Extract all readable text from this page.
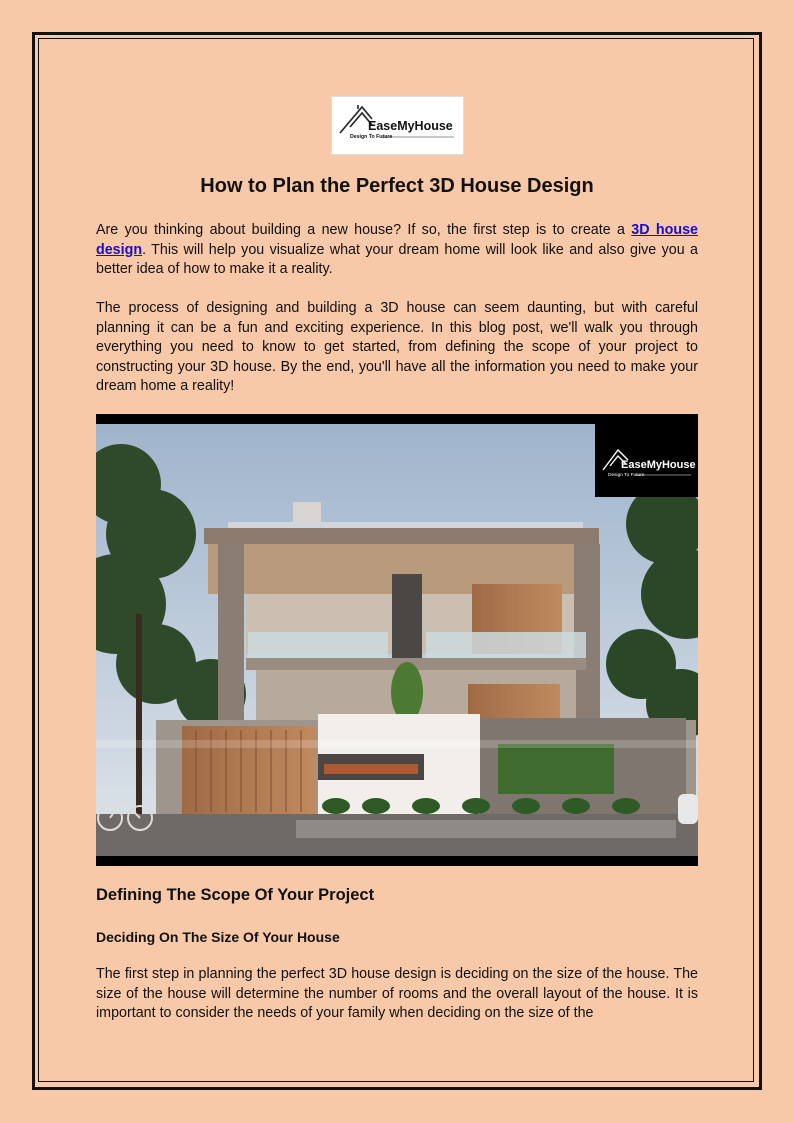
EaseMyHouse
Design To Future
How to Plan the Perfect 3D House Design

Are you thinking about building a new house? If so, the first step is to create a 3D house design. This will help you visualize what your dream home will look like and also give you a better idea of how to make it a reality.

The process of designing and building a 3D house can seem daunting, but with careful planning it can be a fun and exciting experience. In this blog post, we'll walk you through everything you need to know to get started, from defining the scope of your project to constructing your 3D house. By the end, you'll have all the information you need to make your dream home a reality!

EaseMyHouse
Design To Future
Defining The Scope Of Your Project
Deciding On The Size Of Your House

The first step in planning the perfect 3D house design is deciding on the size of the house. The size of the house will determine the number of rooms and the overall layout of the house. It is important to consider the needs of your family when deciding on the size of the
